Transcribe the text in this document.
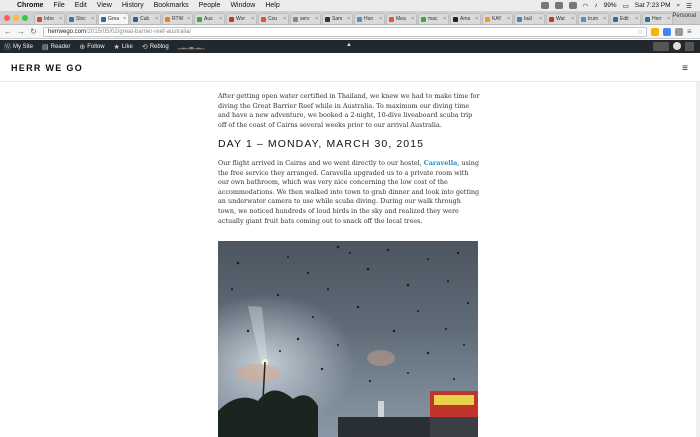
Chrome File Edit View History Bookmarks People Window Help	◠ ♪ 99% ▭ Sat 7:23 PM ⌕ ☰
Inbo ×	Sloc ×	Grea ×	Cub ×	RTW ×	Aus ×	Wor ×	Cou ×	serv ×	Sam ×	Hun ×	Mea ×	mac ×	Ama ×	KAY ×	buil ×	Wat ×	trum ×	Edit ×	Herr × Personal
← → ↻ herrwego.com /2015/05/02/great-barrier-reef-australia/	☆	≡
Ⓦ My Site ▤ Reader ⊕ Follow ★ Like ⟲ Reblog ▁▂▁▃▁▂▁	▲
HERR WE GO	≡

After getting open water certified in Thailand, we knew we had to make time for diving the Great Barrier Reef while in Australia. To maximum our diving time and have a new adventure, we booked a 2-night, 10-dive liveaboard scuba trip off of the coast of Cairns several weeks prior to our arrival Australia.

DAY 1 – MONDAY, MARCH 30, 2015

Our flight arrived in Cairns and we went directly to our hostel, Caravella, using the free service they arranged. Caravella upgraded us to a private room with our own bathroom, which was very nice concerning the low cost of the accommodations. We then walked into town to grab dinner and look into getting an underwater camera to use while scuba diving. During our walk through town, we noticed hundreds of loud birds in the sky and realized they were actually giant fruit bats coming out to snack off the local trees.
